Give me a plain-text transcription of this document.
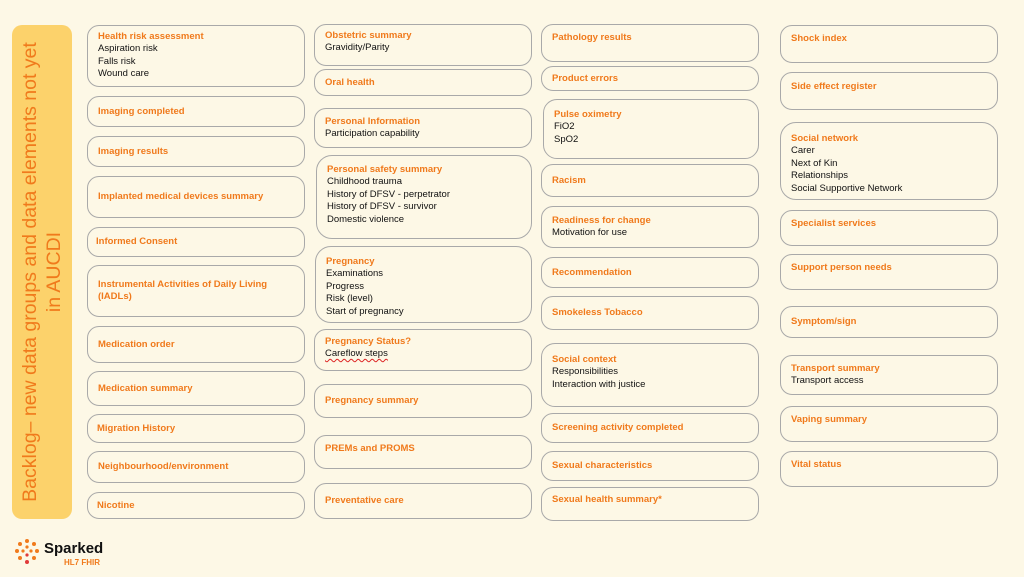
Backlog– new data groups and data elements not yet in AUCDI
Health risk assessment
Aspiration risk
Falls risk
Wound care
Imaging completed
Imaging results
Implanted medical devices summary
Informed Consent
Instrumental Activities of Daily Living (IADLs)
Medication order
Medication summary
Migration History
Neighbourhood/environment
Nicotine
Obstetric summary
Gravidity/Parity
Oral health
Personal Information
Participation capability
Personal safety summary
Childhood trauma
History of DFSV - perpetrator
History of DFSV - survivor
Domestic violence
Pregnancy
Examinations
Progress
Risk (level)
Start of pregnancy
Pregnancy Status?
Careflow steps
Pregnancy summary
PREMs and PROMS
Preventative care
Pathology results
Product errors
Pulse oximetry
FiO2
SpO2
Racism
Readiness for change
Motivation for use
Recommendation
Smokeless Tobacco
Social context
Responsibilities
Interaction with justice
Screening activity completed
Sexual characteristics
Sexual health summary*
Shock index
Side effect register
Social network
Carer
Next of Kin
Relationships
Social Supportive Network
Specialist services
Support person needs
Symptom/sign
Transport summary
Transport access
Vaping summary
Vital status
Sparked
HL7 FHIR
